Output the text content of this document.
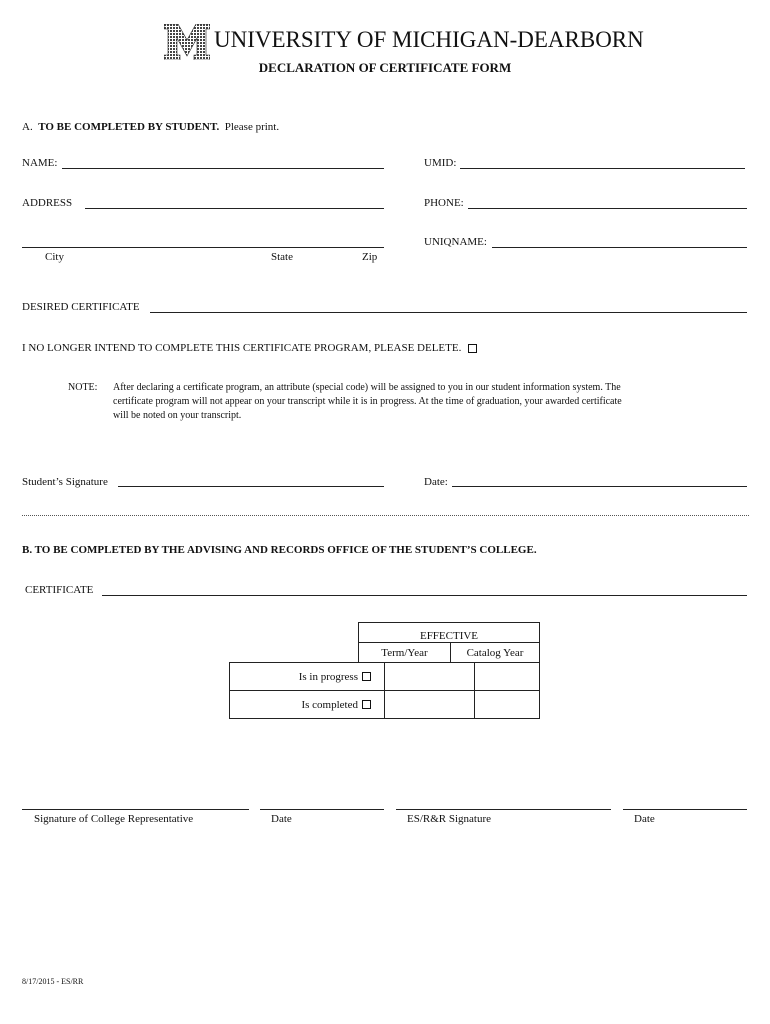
UNIVERSITY OF MICHIGAN-DEARBORN
DECLARATION OF CERTIFICATE FORM
A. TO BE COMPLETED BY STUDENT. Please print.
NAME:	UMID:
ADDRESS	PHONE:
UNIQNAME:
City	State	Zip
DESIRED CERTIFICATE
I NO LONGER INTEND TO COMPLETE THIS CERTIFICATE PROGRAM, PLEASE DELETE.
NOTE: After declaring a certificate program, an attribute (special code) will be assigned to you in our student information system. The
certificate program will not appear on your transcript while it is in progress. At the time of graduation, your awarded certificate
will be noted on your transcript.
Student’s Signature	Date:
B. TO BE COMPLETED BY THE ADVISING AND RECORDS OFFICE OF THE STUDENT’S COLLEGE.
CERTIFICATE
EFFECTIVE
Term/Year	Catalog Year
Is in progress			
Is completed			
Signature of College Representative	Date	ES/R&R Signature	Date
8/17/2015 - ES/RR
